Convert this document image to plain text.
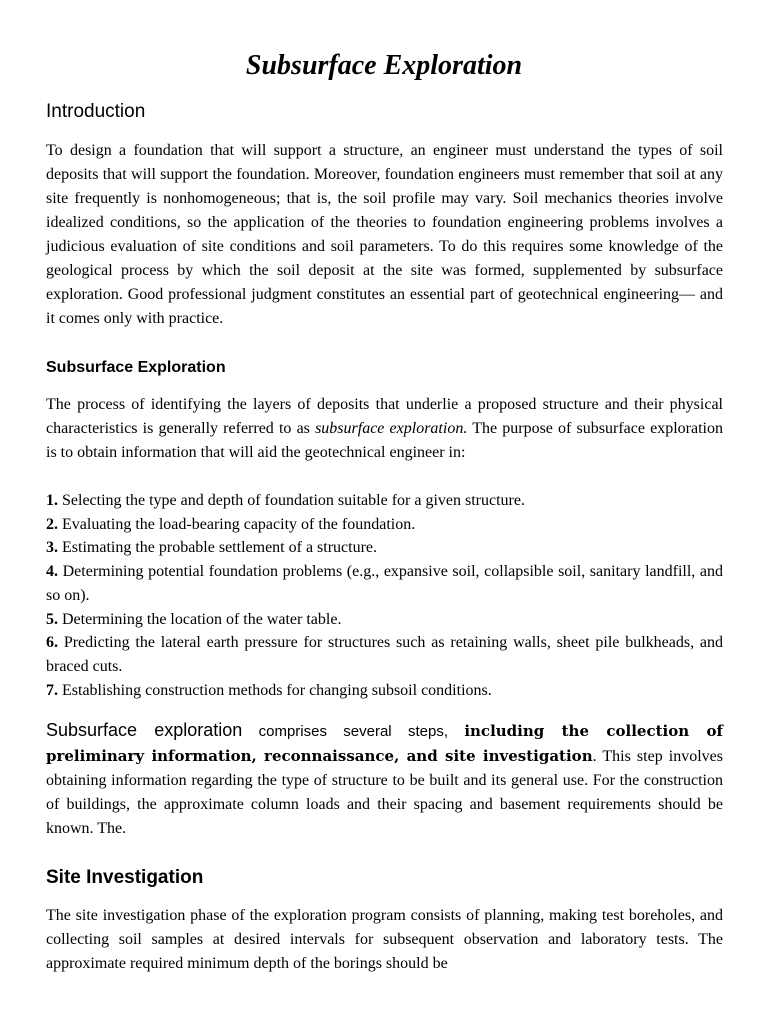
Subsurface Exploration
Introduction

To design a foundation that will support a structure, an engineer must understand the types of soil deposits that will support the foundation. Moreover, foundation engineers must remember that soil at any site frequently is nonhomogeneous; that is, the soil profile may vary. Soil mechanics theories involve idealized conditions, so the application of the theories to foundation engineering problems involves a judicious evaluation of site conditions and soil parameters. To do this requires some knowledge of the geological process by which the soil deposit at the site was formed, supplemented by subsurface exploration. Good professional judgment constitutes an essential part of geotechnical engineering— and it comes only with practice.

Subsurface Exploration

The process of identifying the layers of deposits that underlie a proposed structure and their physical characteristics is generally referred to as subsurface exploration. The purpose of subsurface exploration is to obtain information that will aid the geotechnical engineer in:

1. Selecting the type and depth of foundation suitable for a given structure.
2. Evaluating the load-bearing capacity of the foundation.
3. Estimating the probable settlement of a structure.
4. Determining potential foundation problems (e.g., expansive soil, collapsible soil, sanitary landfill, and so on).
5. Determining the location of the water table.
6. Predicting the lateral earth pressure for structures such as retaining walls, sheet pile bulkheads, and braced cuts.
7. Establishing construction methods for changing subsoil conditions.

Subsurface exploration comprises several steps, including the collection of preliminary information, reconnaissance, and site investigation. This step involves obtaining information regarding the type of structure to be built and its general use. For the construction of buildings, the approximate column loads and their spacing and basement requirements should be known. The.

Site Investigation

The site investigation phase of the exploration program consists of planning, making test boreholes, and collecting soil samples at desired intervals for subsequent observation and laboratory tests. The approximate required minimum depth of the borings should be
